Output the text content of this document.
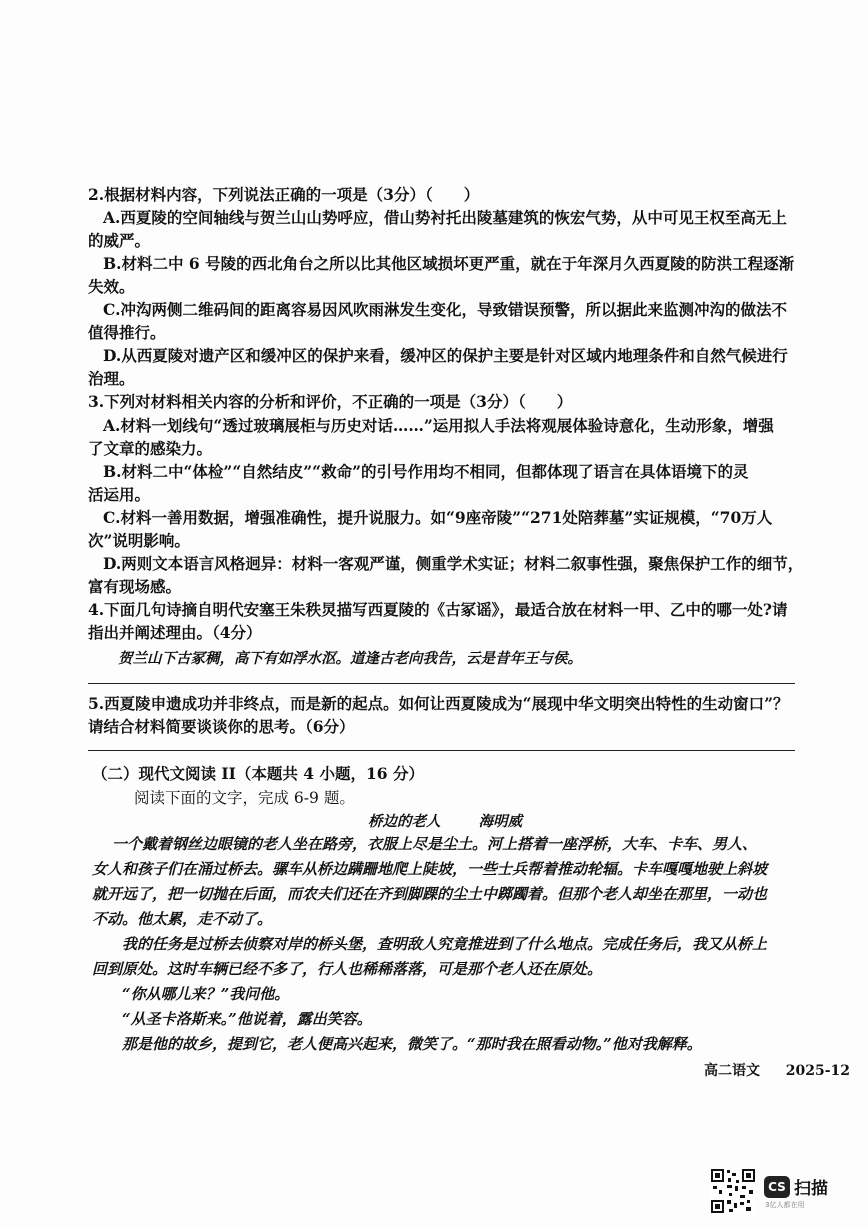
2.根据材料内容，下列说法正确的一项是（3分）（　　）
A.西夏陵的空间轴线与贺兰山山势呼应，借山势衬托出陵墓建筑的恢宏气势，从中可见王权至高无上
的威严。
B.材料二中 6 号陵的西北角台之所以比其他区域损坏更严重，就在于年深月久西夏陵的防洪工程逐渐
失效。
C.冲沟两侧二维码间的距离容易因风吹雨淋发生变化，导致错误预警，所以据此来监测冲沟的做法不
值得推行。
D.从西夏陵对遗产区和缓冲区的保护来看，缓冲区的保护主要是针对区域内地理条件和自然气候进行
治理。
3.下列对材料相关内容的分析和评价，不正确的一项是（3分）（　　）
A.材料一划线句“透过玻璃展柜与历史对话……”运用拟人手法将观展体验诗意化，生动形象，增强
了文章的感染力。
B.材料二中“体检”“自然结皮”“救命”的引号作用均不相同，但都体现了语言在具体语境下的灵
活运用。
C.材料一善用数据，增强准确性，提升说服力。如“9座帝陵”“271处陪葬墓”实证规模，“70万人
次”说明影响。
D.两则文本语言风格迥异：材料一客观严谨，侧重学术实证；材料二叙事性强，聚焦保护工作的细节，
富有现场感。
4.下面几句诗摘自明代安塞王朱秩炅描写西夏陵的《古冢谣》，最适合放在材料一甲、乙中的哪一处?请
指出并阐述理由。（4分）
贺兰山下古冢稠，高下有如浮水沤。道逢古老向我告，云是昔年王与侯。
5.西夏陵申遗成功并非终点，而是新的起点。如何让西夏陵成为“展现中华文明突出特性的生动窗口”？
请结合材料简要谈谈你的思考。（6分）
（二）现代文阅读 II（本题共 4 小题，16 分）
阅读下面的文字，完成 6-9 题。
桥边的老人	海明威
一个戴着钢丝边眼镜的老人坐在路旁，衣服上尽是尘土。河上搭着一座浮桥，大车、卡车、男人、
女人和孩子们在涌过桥去。骡车从桥边蹒跚地爬上陡坡，一些士兵帮着推动轮辐。卡车嘎嘎地驶上斜坡
就开远了，把一切抛在后面，而农夫们还在齐到脚踝的尘土中踯躅着。但那个老人却坐在那里，一动也
不动。他太累，走不动了。
我的任务是过桥去侦察对岸的桥头堡，查明敌人究竟推进到了什么地点。完成任务后，我又从桥上
回到原处。这时车辆已经不多了，行人也稀稀落落，可是那个老人还在原处。
“你从哪儿来？”我问他。
“从圣卡洛斯来。”他说着，露出笑容。
那是他的故乡，提到它，老人便高兴起来，微笑了。“那时我在照看动物。”他对我解释。
高二语文 2025-12
CS 扫描
3亿人都在用
